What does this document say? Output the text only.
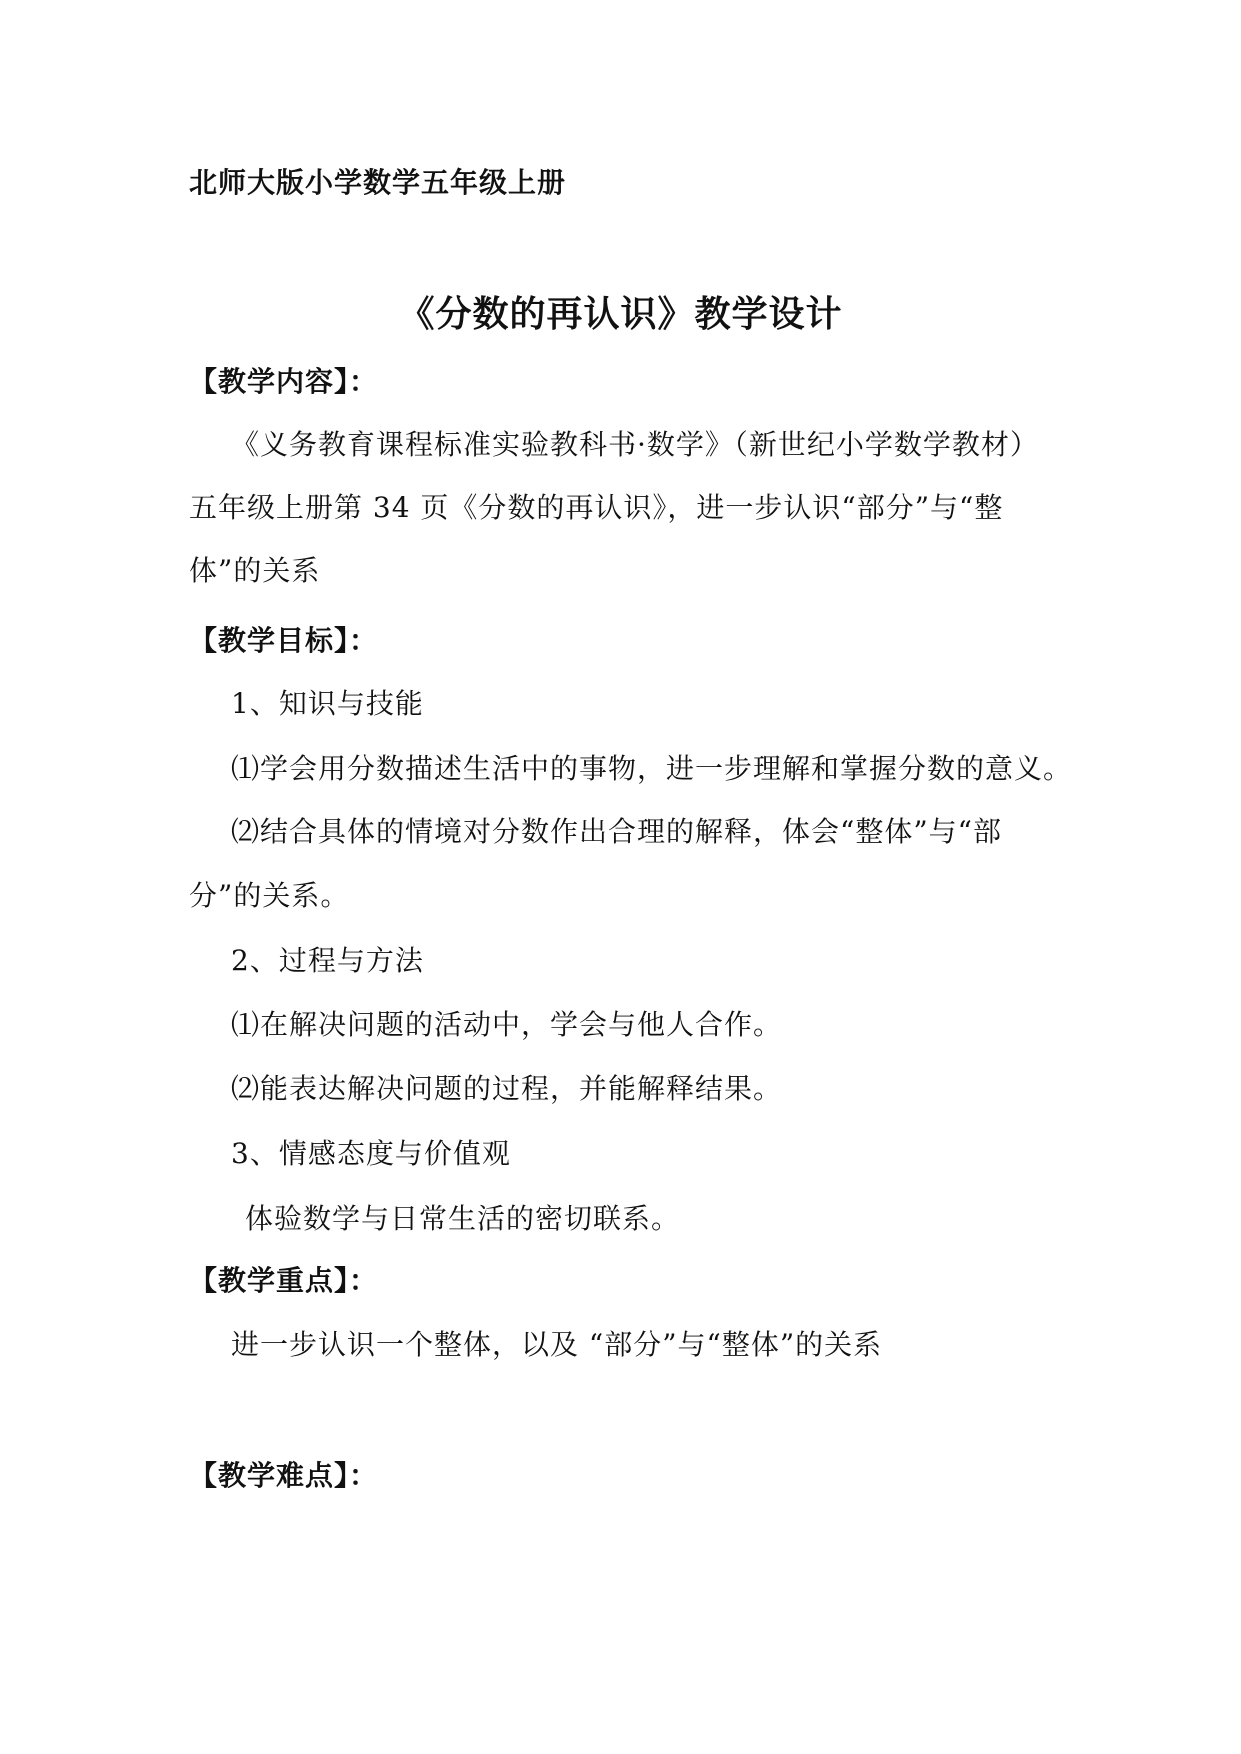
北师大版小学数学五年级上册
《分数的再认识》教学设计
【教学内容】：
《义务教育课程标准实验教科书·数学》（新世纪小学数学教材）
五年级上册第 34 页《分数的再认识》，进一步认识“部分”与“整
体”的关系
【教学目标】：
1、知识与技能
⑴学会用分数描述生活中的事物，进一步理解和掌握分数的意义。
⑵结合具体的情境对分数作出合理的解释，体会“整体”与“部
分”的关系。
2、过程与方法
⑴在解决问题的活动中，学会与他人合作。
⑵能表达解决问题的过程，并能解释结果。
3、情感态度与价值观
体验数学与日常生活的密切联系。
【教学重点】：
进一步认识一个整体，以及 “部分”与“整体”的关系
【教学难点】：
